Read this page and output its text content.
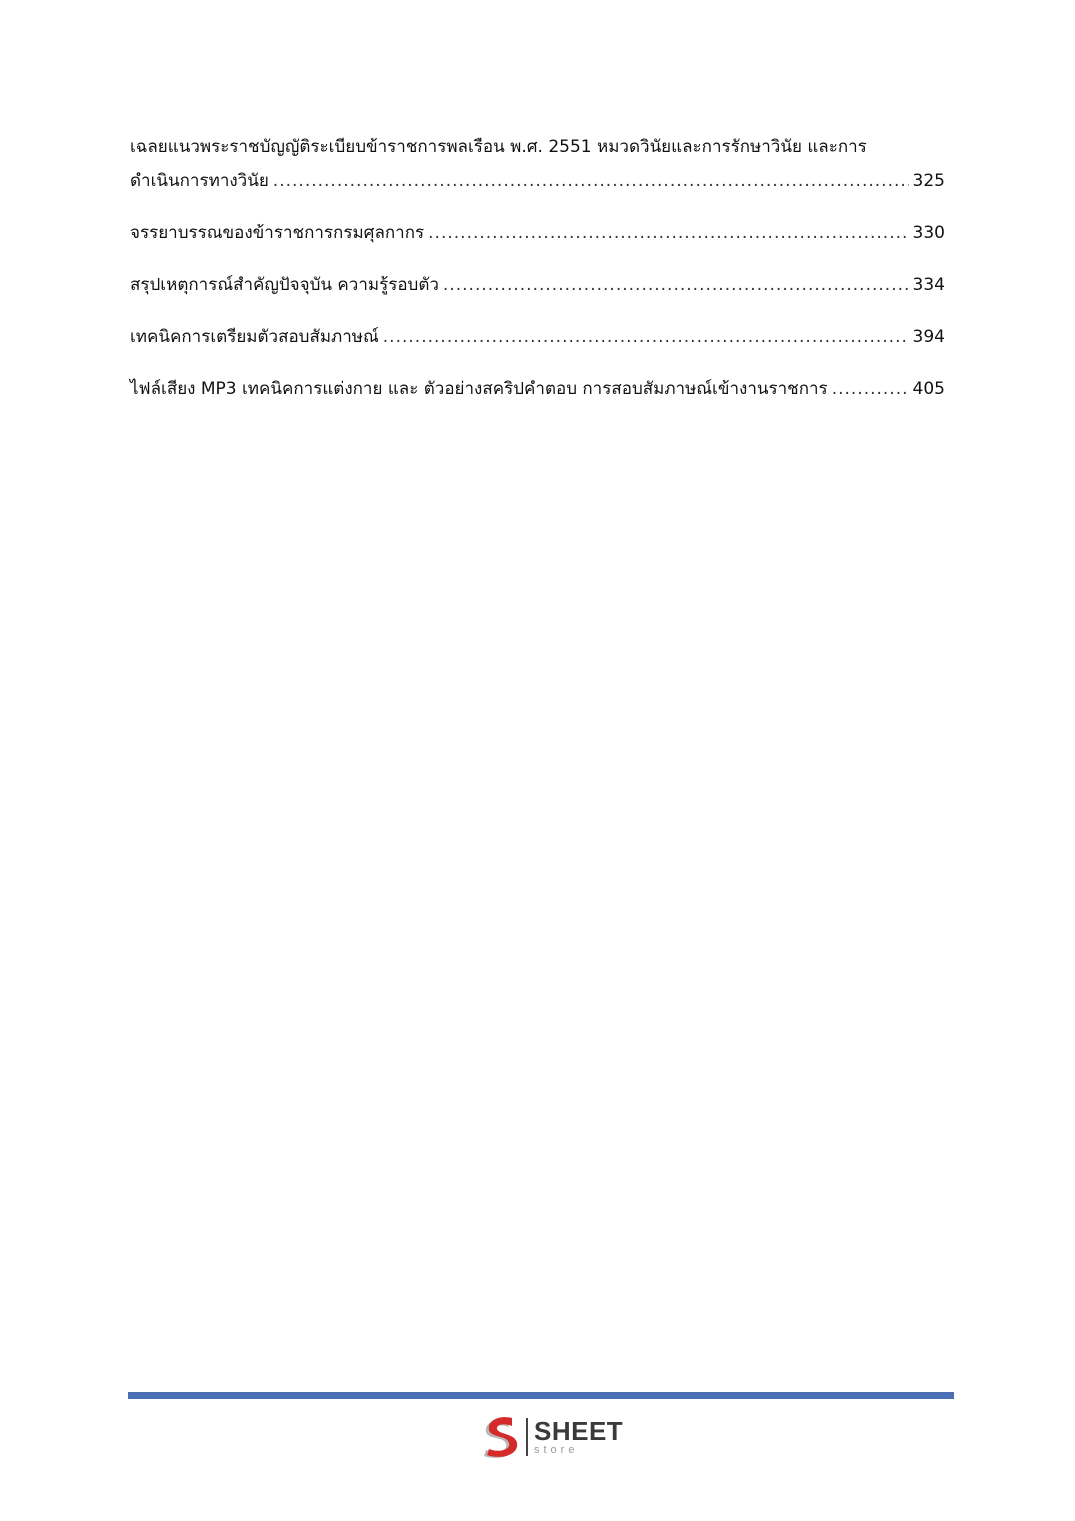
เฉลยแนวพระราชบัญญัติระเบียบข้าราชการพลเรือน พ.ศ. 2551 หมวดวินัยและการรักษาวินัย และการ
ดำเนินการทางวินัย .....	325
จรรยาบรรณของข้าราชการกรมศุลกากร .....	330
สรุปเหตุการณ์สำคัญปัจจุบัน ความรู้รอบตัว .....	334
เทคนิคการเตรียมตัวสอบสัมภาษณ์ .....	394
ไฟล์เสียง MP3 เทคนิคการแต่งกาย และ ตัวอย่างสคริปคำตอบ การสอบสัมภาษณ์เข้างานราชการ .....	405
SHEET
store
